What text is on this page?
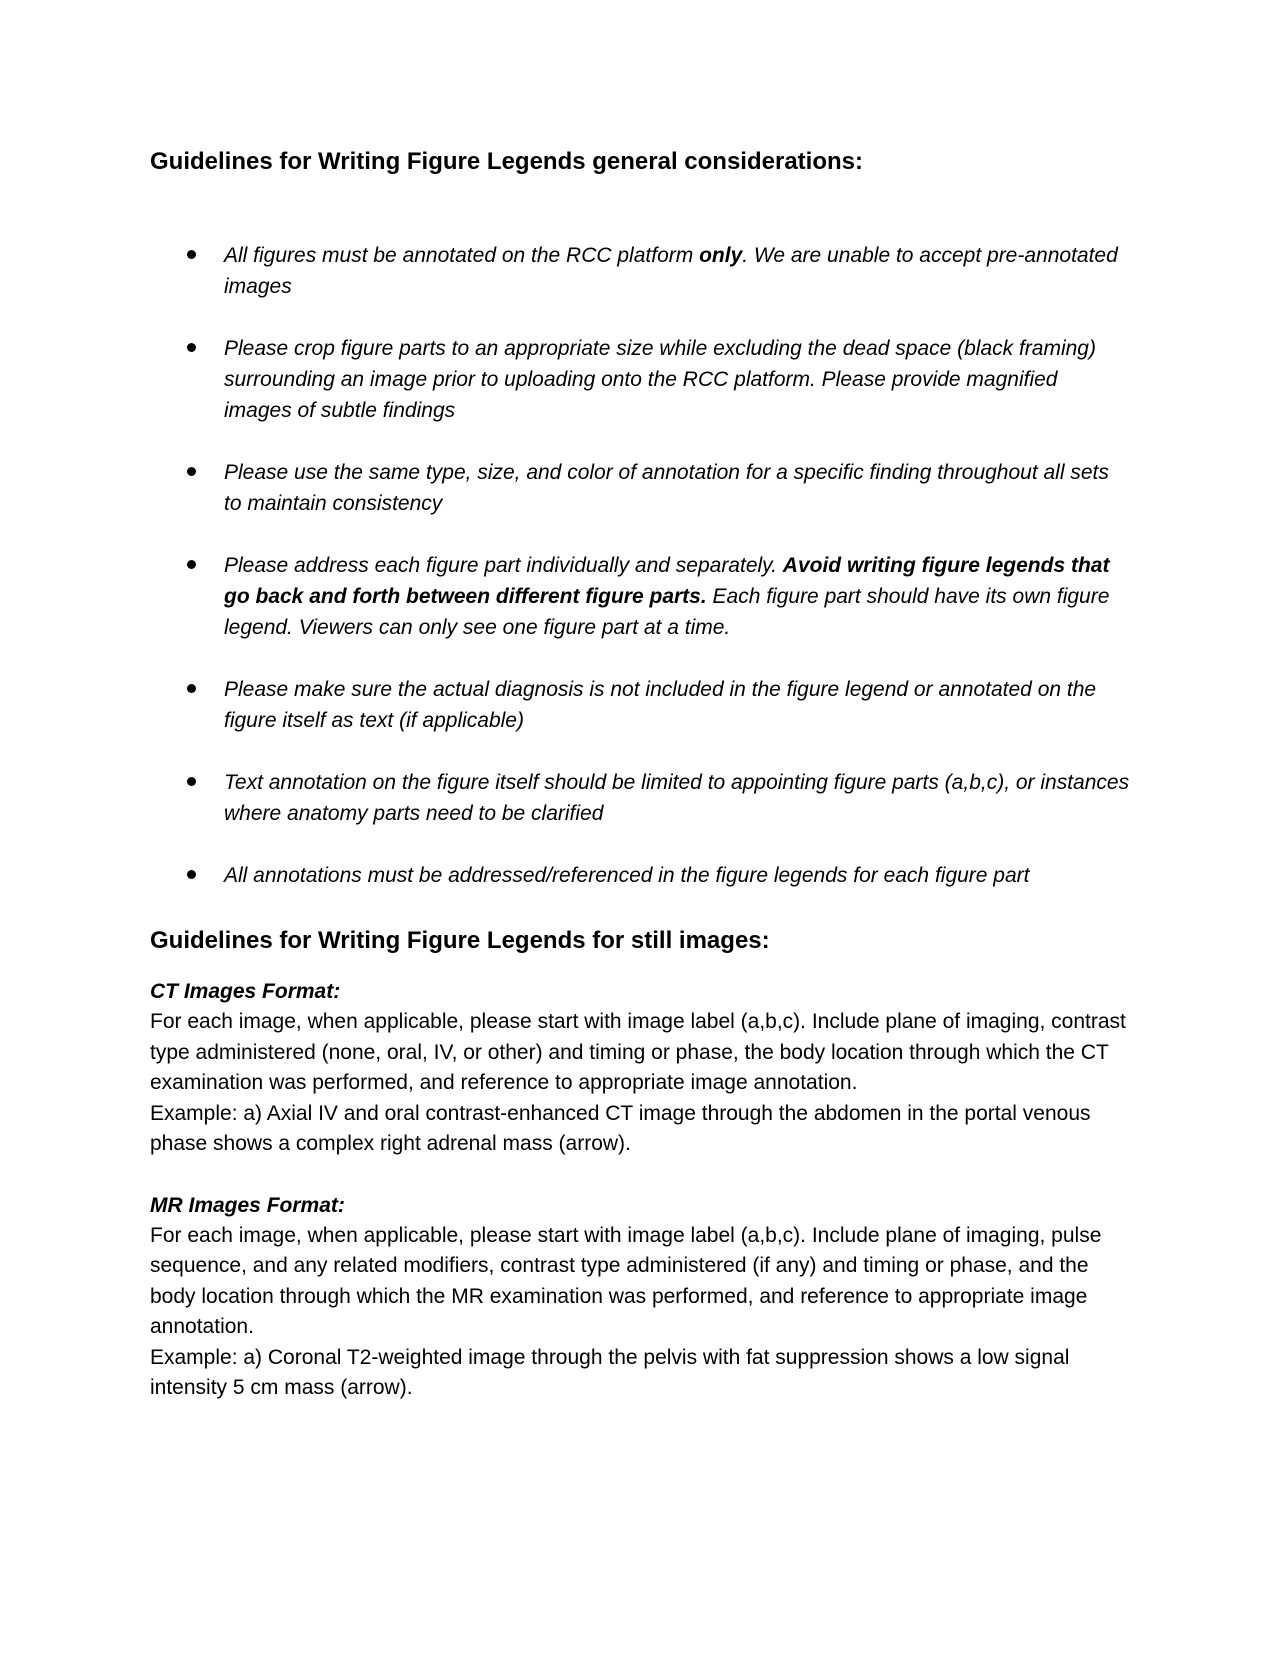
Guidelines for Writing Figure Legends general considerations:
All figures must be annotated on the RCC platform only. We are unable to accept pre-annotated images
Please crop figure parts to an appropriate size while excluding the dead space (black framing) surrounding an image prior to uploading onto the RCC platform. Please provide magnified images of subtle findings
Please use the same type, size, and color of annotation for a specific finding throughout all sets to maintain consistency
Please address each figure part individually and separately. Avoid writing figure legends that go back and forth between different figure parts. Each figure part should have its own figure legend. Viewers can only see one figure part at a time.
Please make sure the actual diagnosis is not included in the figure legend or annotated on the figure itself as text (if applicable)
Text annotation on the figure itself should be limited to appointing figure parts (a,b,c), or instances where anatomy parts need to be clarified
All annotations must be addressed/referenced in the figure legends for each figure part
Guidelines for Writing Figure Legends for still images:
CT Images Format:
For each image, when applicable, please start with image label (a,b,c). Include plane of imaging, contrast type administered (none, oral, IV, or other) and timing or phase, the body location through which the CT examination was performed, and reference to appropriate image annotation.
Example: a) Axial IV and oral contrast-enhanced CT image through the abdomen in the portal venous phase shows a complex right adrenal mass (arrow).
MR Images Format:
For each image, when applicable, please start with image label (a,b,c). Include plane of imaging, pulse sequence, and any related modifiers, contrast type administered (if any) and timing or phase, and the body location through which the MR examination was performed, and reference to appropriate image annotation.
Example: a) Coronal T2-weighted image through the pelvis with fat suppression shows a low signal intensity 5 cm mass (arrow).
